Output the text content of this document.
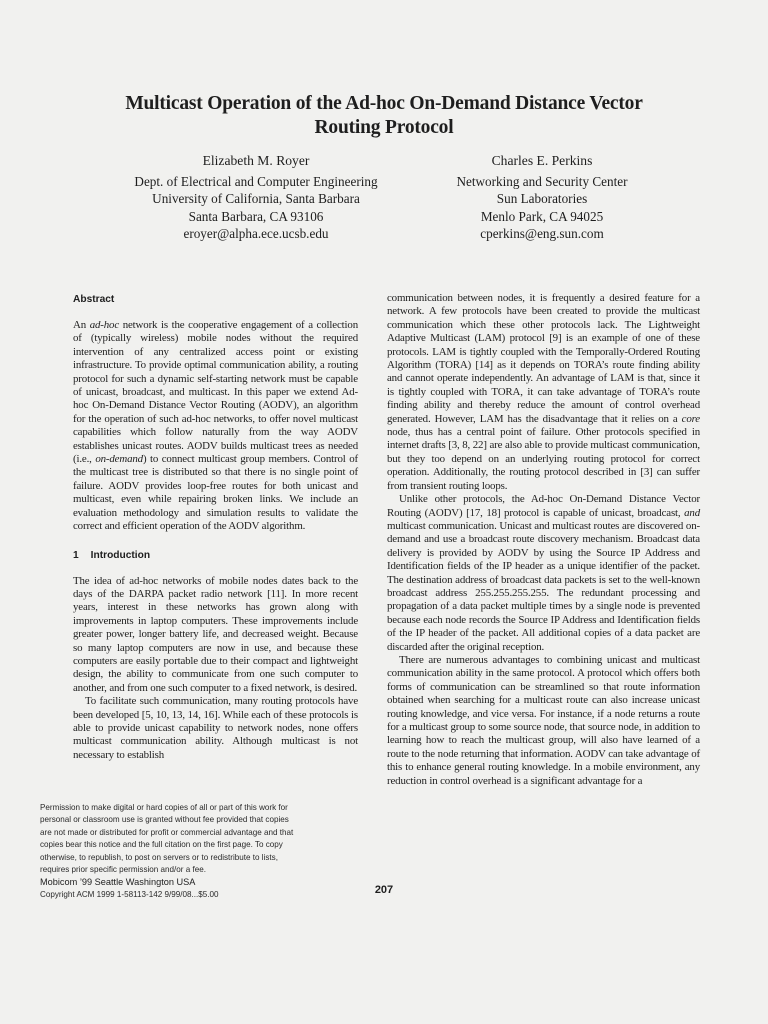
Multicast Operation of the Ad-hoc On-Demand Distance Vector
Routing Protocol
Elizabeth M. Royer
Dept. of Electrical and Computer Engineering
University of California, Santa Barbara
Santa Barbara, CA 93106
eroyer@alpha.ece.ucsb.edu
Charles E. Perkins
Networking and Security Center
Sun Laboratories
Menlo Park, CA 94025
cperkins@eng.sun.com
Abstract

An ad-hoc network is the cooperative engagement of a collection of (typically wireless) mobile nodes without the required intervention of any centralized access point or existing infrastructure. To provide optimal communication ability, a routing protocol for such a dynamic self-starting network must be capable of unicast, broadcast, and multicast. In this paper we extend Ad-hoc On-Demand Distance Vector Routing (AODV), an algorithm for the operation of such ad-hoc networks, to offer novel multicast capabilities which follow naturally from the way AODV establishes unicast routes. AODV builds multicast trees as needed (i.e., on-demand) to connect multicast group members. Control of the multicast tree is distributed so that there is no single point of failure. AODV provides loop-free routes for both unicast and multicast, even while repairing broken links. We include an evaluation methodology and simulation results to validate the correct and efficient operation of the AODV algorithm.

1 Introduction

The idea of ad-hoc networks of mobile nodes dates back to the days of the DARPA packet radio network [11]. In more recent years, interest in these networks has grown along with improvements in laptop computers. These improvements include greater power, longer battery life, and decreased weight. Because so many laptop computers are now in use, and because these computers are easily portable due to their compact and lightweight design, the ability to communicate from one such computer to another, and from one such computer to a fixed network, is desired.

To facilitate such communication, many routing protocols have been developed [5, 10, 13, 14, 16]. While each of these protocols is able to provide unicast capability to network nodes, none offers multicast communication ability. Although multicast is not necessary to establish

communication between nodes, it is frequently a desired feature for a network. A few protocols have been created to provide the multicast communication which these other protocols lack. The Lightweight Adaptive Multicast (LAM) protocol [9] is an example of one of these protocols. LAM is tightly coupled with the Temporally-Ordered Routing Algorithm (TORA) [14] as it depends on TORA’s route finding ability and cannot operate independently. An advantage of LAM is that, since it is tightly coupled with TORA, it can take advantage of TORA’s route finding ability and thereby reduce the amount of control overhead generated. However, LAM has the disadvantage that it relies on a core node, thus has a central point of failure. Other protocols specified in internet drafts [3, 8, 22] are also able to provide multicast communication, but they too depend on an underlying routing protocol for correct operation. Additionally, the routing protocol described in [3] can suffer from transient routing loops.

Unlike other protocols, the Ad-hoc On-Demand Distance Vector Routing (AODV) [17, 18] protocol is capable of unicast, broadcast, and multicast communication. Unicast and multicast routes are discovered on-demand and use a broadcast route discovery mechanism. Broadcast data delivery is provided by AODV by using the Source IP Address and Identification fields of the IP header as a unique identifier of the packet. The destination address of broadcast data packets is set to the well-known broadcast address 255.255.255.255. The redundant processing and propagation of a data packet multiple times by a single node is prevented because each node records the Source IP Address and Identification fields of the IP header of the packet. All additional copies of a data packet are discarded after the original reception.

There are numerous advantages to combining unicast and multicast communication ability in the same protocol. A protocol which offers both forms of communication can be streamlined so that route information obtained when searching for a multicast route can also increase unicast routing knowledge, and vice versa. For instance, if a node returns a route for a multicast group to some source node, that source node, in addition to learning how to reach the multicast group, will also have learned of a route to the node returning that information. AODV can take advantage of this to enhance general routing knowledge. In a mobile environment, any reduction in control overhead is a significant advantage for a

Permission to make digital or hard copies of all or part of this work for
personal or classroom use is granted without fee provided that copies
are not made or distributed for profit or commercial advantage and that
copies bear this notice and the full citation on the first page. To copy
otherwise, to republish, to post on servers or to redistribute to lists,
requires prior specific permission and/or a fee.
Mobicom ’99 Seattle Washington USA
Copyright ACM 1999 1-58113-142 9/99/08...$5.00	207
